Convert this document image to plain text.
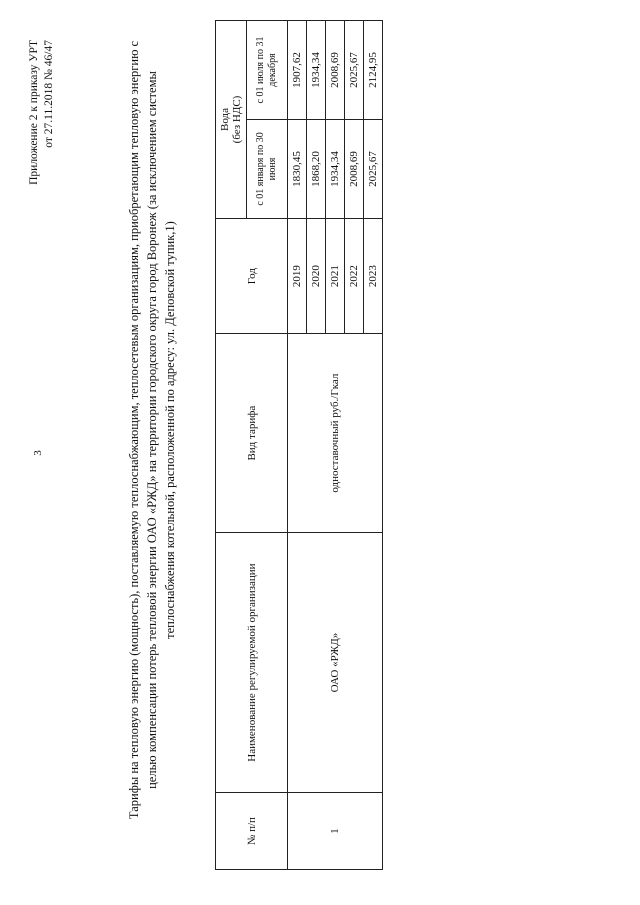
3
Приложение 2 к приказу УРТ от 27.11.2018 № 46/47	Тарифы на тепловую энергию (мощность), поставляемую теплоснабжающим, теплосетевым организациям, приобретающим тепловую энергию с целью компенсации потерь тепловой энергии ОАО «РЖД» на территории городского округа город Воронеж (за исключением системы теплоснабжения котельной, расположенной по адресу: ул. Деповской тупик,1)
№ п/п	Наименование регулируемой организации	Вид тарифа	Год	Вода (без НДС)	

				с 01 января по 30 июня	с 01 июля по 31 декабря
1	ОАО «РЖД»	одноставочный руб./Гкал	2019	1830,45	1907,62
			2020	1868,20	1934,34
			2021	1934,34	2008,69
			2022	2008,69	2025,67
			2023	2025,67	2124,95
